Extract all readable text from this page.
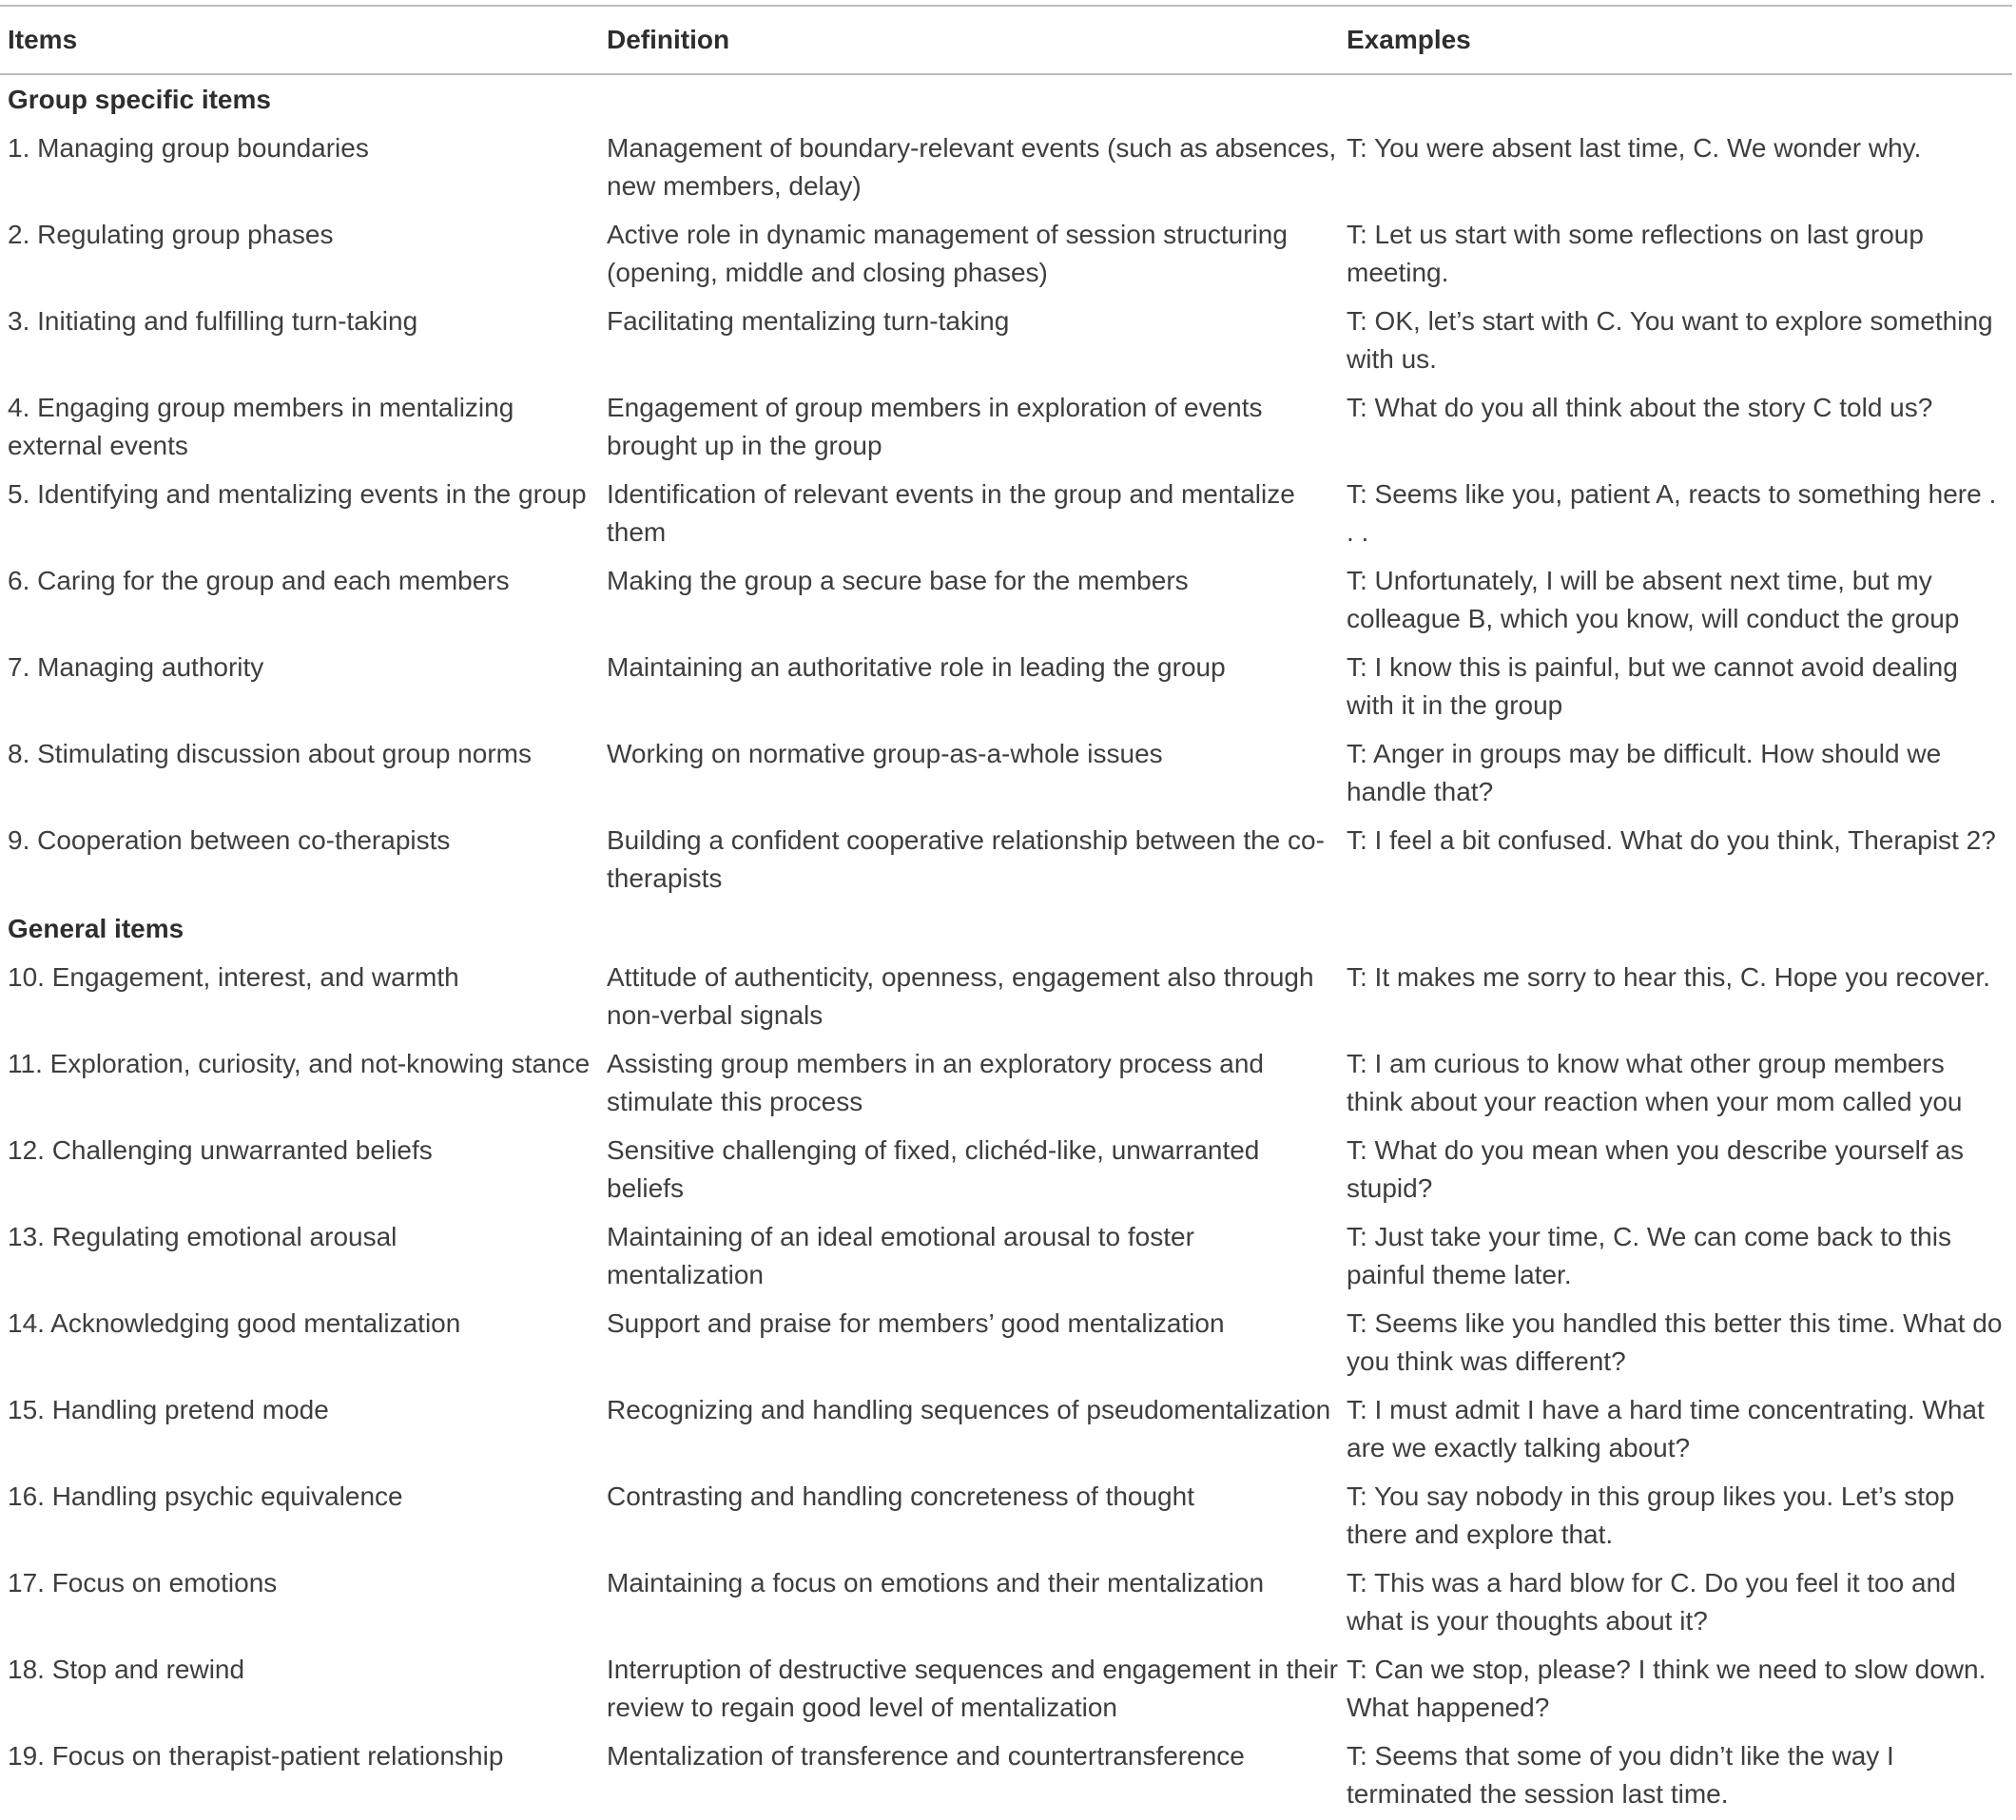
Items	Definition	Examples
Group specific items		
1. Managing group boundaries	Management of boundary-relevant events (such as absences, new members, delay)	T: You were absent last time, C. We wonder why.
2. Regulating group phases	Active role in dynamic management of session structuring (opening, middle and closing phases)	T: Let us start with some reflections on last group meeting.
3. Initiating and fulfilling turn-taking	Facilitating mentalizing turn-taking	T: OK, let’s start with C. You want to explore something with us.
4. Engaging group members in mentalizing external events	Engagement of group members in exploration of events brought up in the group	T: What do you all think about the story C told us?
5. Identifying and mentalizing events in the group	Identification of relevant events in the group and mentalize them	T: Seems like you, patient A, reacts to something here . . .
6. Caring for the group and each members	Making the group a secure base for the members	T: Unfortunately, I will be absent next time, but my colleague B, which you know, will conduct the group
7. Managing authority	Maintaining an authoritative role in leading the group	T: I know this is painful, but we cannot avoid dealing with it in the group
8. Stimulating discussion about group norms	Working on normative group-as-a-whole issues	T: Anger in groups may be difficult. How should we handle that?
9. Cooperation between co-therapists	Building a confident cooperative relationship between the co-therapists	T: I feel a bit confused. What do you think, Therapist 2?
General items		
10. Engagement, interest, and warmth	Attitude of authenticity, openness, engagement also through non-verbal signals	T: It makes me sorry to hear this, C. Hope you recover.
11. Exploration, curiosity, and not-knowing stance	Assisting group members in an exploratory process and stimulate this process	T: I am curious to know what other group members think about your reaction when your mom called you
12. Challenging unwarranted beliefs	Sensitive challenging of fixed, clichéd-like, unwarranted beliefs	T: What do you mean when you describe yourself as stupid?
13. Regulating emotional arousal	Maintaining of an ideal emotional arousal to foster mentalization	T: Just take your time, C. We can come back to this painful theme later.
14. Acknowledging good mentalization	Support and praise for members’ good mentalization	T: Seems like you handled this better this time. What do you think was different?
15. Handling pretend mode	Recognizing and handling sequences of pseudomentalization	T: I must admit I have a hard time concentrating. What are we exactly talking about?
16. Handling psychic equivalence	Contrasting and handling concreteness of thought	T: You say nobody in this group likes you. Let’s stop there and explore that.
17. Focus on emotions	Maintaining a focus on emotions and their mentalization	T: This was a hard blow for C. Do you feel it too and what is your thoughts about it?
18. Stop and rewind	Interruption of destructive sequences and engagement in their review to regain good level of mentalization	T: Can we stop, please? I think we need to slow down. What happened?
19. Focus on therapist-patient relationship	Mentalization of transference and countertransference	T: Seems that some of you didn’t like the way I terminated the session last time.
